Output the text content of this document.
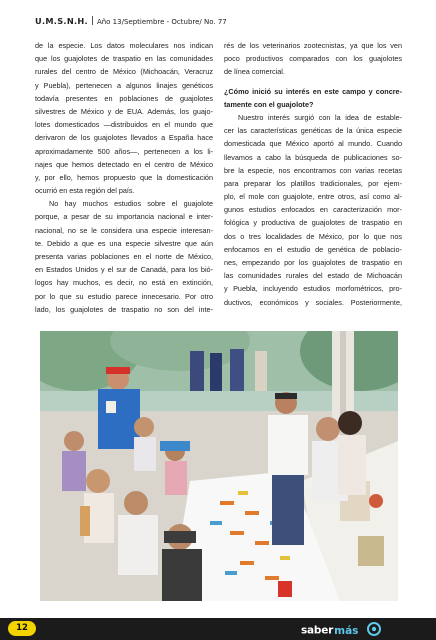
U.M.S.N.H. Año 13/Septiembre - Octubre/ No. 77
de la especie. Los datos moleculares nos indican
que los guajolotes de traspatio en las comunidades
rurales del centro de México (Michoacán, Veracruz
y Puebla), pertenecen a algunos linajes genéticos
todavía presentes en poblaciones de guajolotes
silvestres de México y de EUA. Además, los guajo-
lotes domesticados —distribuidos en el mundo que
derivaron de los guajolotes llevados a España hace
aproximadamente 500 años—, pertenecen a los li-
najes que hemos detectado en el centro de México
y, por ello, hemos propuesto que la domesticación
ocurrió en esta región del país.
No hay muchos estudios sobre el guajolote
porque, a pesar de su importancia nacional e inter-
nacional, no se le considera una especie interesan-
te. Debido a que es una especie silvestre que aún
presenta varias poblaciones en el norte de México,
en Estados Unidos y el sur de Canadá, para los bió-
logos hay muchos, es decir, no está en extinción,
por lo que su estudio parece innecesario. Por otro
lado, los guajolotes de traspatio no son del inte-
rés de los veterinarios zootecnistas, ya que los ven
poco productivos comparados con los guajolotes
de línea comercial.
¿Cómo inició su interés en este campo y concre-
tamente con el guajolote?
Nuestro interés surgió con la idea de estable-
cer las características genéticas de la única especie
domesticada que México aportó al mundo. Cuando
llevamos a cabo la búsqueda de publicaciones so-
bre la especie, nos encontramos con varias recetas
para preparar los platillos tradicionales, por ejem-
plo, el mole con guajolote, entre otros, así como al-
gunos estudios enfocados en caracterización mor-
fológica y productiva de guajolotes de traspatio en
dos o tres localidades de México, por lo que nos
enfocamos en el estudio de genética de poblacio-
nes, empezando por los guajolotes de traspatio en
las comunidades rurales del estado de Michoacán
y Puebla, incluyendo estudios morfométricos, pro-
ductivos, económicos y sociales. Posteriormente,
12	sabermás
